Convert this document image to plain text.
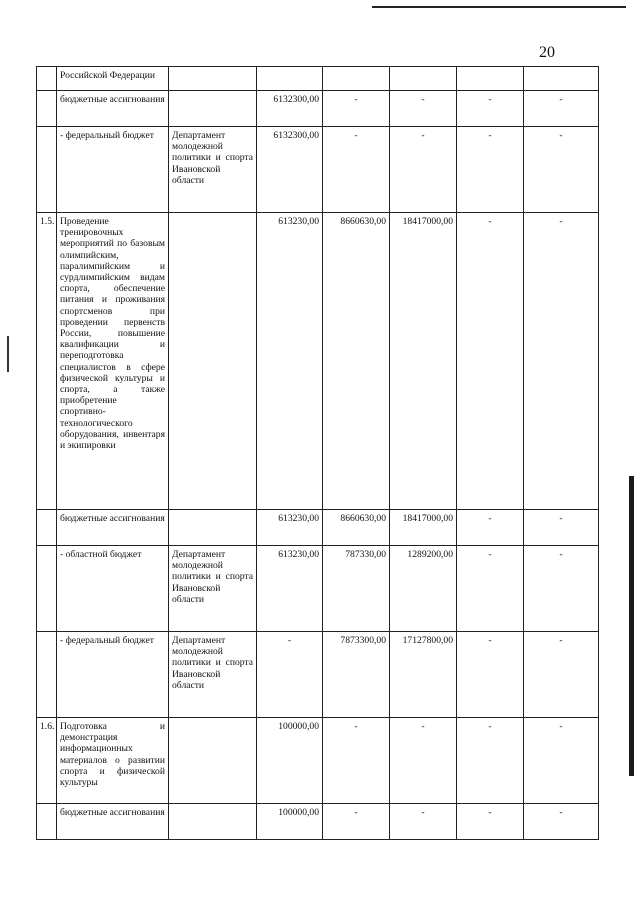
20
	Российской Федерации						
	бюджетные ассигнования		6132300,00	-	-	-	-
	- федеральный бюджет	Департамент молодежной политики и спорта Ивановской области	6132300,00	-	-	-	-
1.5.	Проведение тренировочных мероприятий по базовым олимпийским, паралимпийским и сурдлимпийским видам спорта, обеспечение питания и проживания спортсменов при проведении первенств России, повышение квалификации и переподготовка специалистов в сфере физической культуры и спорта, а также приобретение спортивно-технологического оборудования, инвентаря и экипировки		613230,00	8660630,00	18417000,00	-	-
	бюджетные ассигнования		613230,00	8660630,00	18417000,00	-	-
	- областной бюджет	Департамент молодежной политики и спорта Ивановской области	613230,00	787330,00	1289200,00	-	-
	- федеральный бюджет	Департамент молодежной политики и спорта Ивановской области	-	7873300,00	17127800,00	-	-
1.6.	Подготовка и демонстрация информационных материалов о развитии спорта и физической культуры		100000,00	-	-	-	-
	бюджетные ассигнования		100000,00	-	-	-	-
